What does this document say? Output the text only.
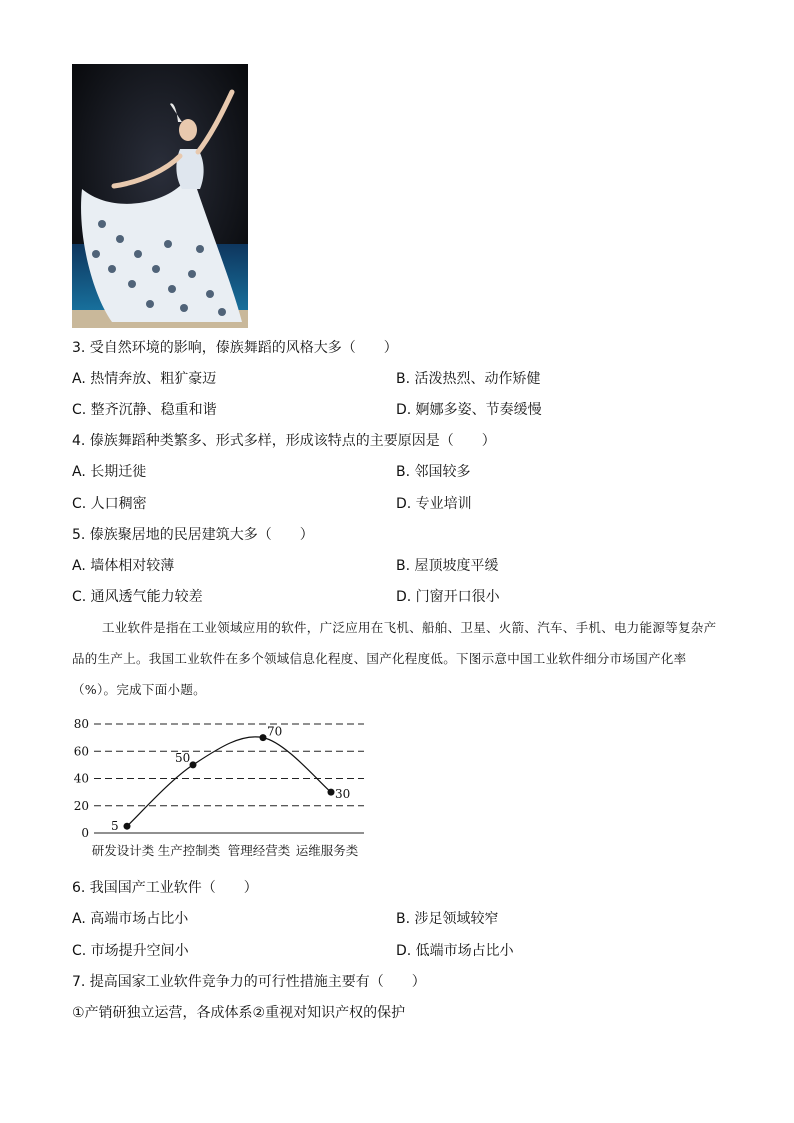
3. 受自然环境的影响，傣族舞蹈的风格大多（　　）
A. 热情奔放、粗犷豪迈	B. 活泼热烈、动作矫健
C. 整齐沉静、稳重和谐	D. 婀娜多姿、节奏缓慢
4. 傣族舞蹈种类繁多、形式多样，形成该特点的主要原因是（　　）
A. 长期迁徙	B. 邻国较多
C. 人口稠密	D. 专业培训
5. 傣族聚居地的民居建筑大多（　　）
A. 墙体相对较薄	B. 屋顶坡度平缓
C. 通风透气能力较差	D. 门窗开口很小

工业软件是指在工业领域应用的软件，广泛应用在飞机、船舶、卫星、火箭、汽车、手机、电力能源等复杂产品的生产上。我国工业软件在多个领域信息化程度、国产化程度低。下图示意中国工业软件细分市场国产化率（%）。完成下面小题。

0
20
40
60
80
5
50
70
30
研发设计类 生产控制类 管理经营类 运维服务类
6. 我国国产工业软件（　　）
A. 高端市场占比小	B. 涉足领域较窄
C. 市场提升空间小	D. 低端市场占比小
7. 提高国家工业软件竞争力的可行性措施主要有（　　）
①产销研独立运营，各成体系②重视对知识产权的保护
